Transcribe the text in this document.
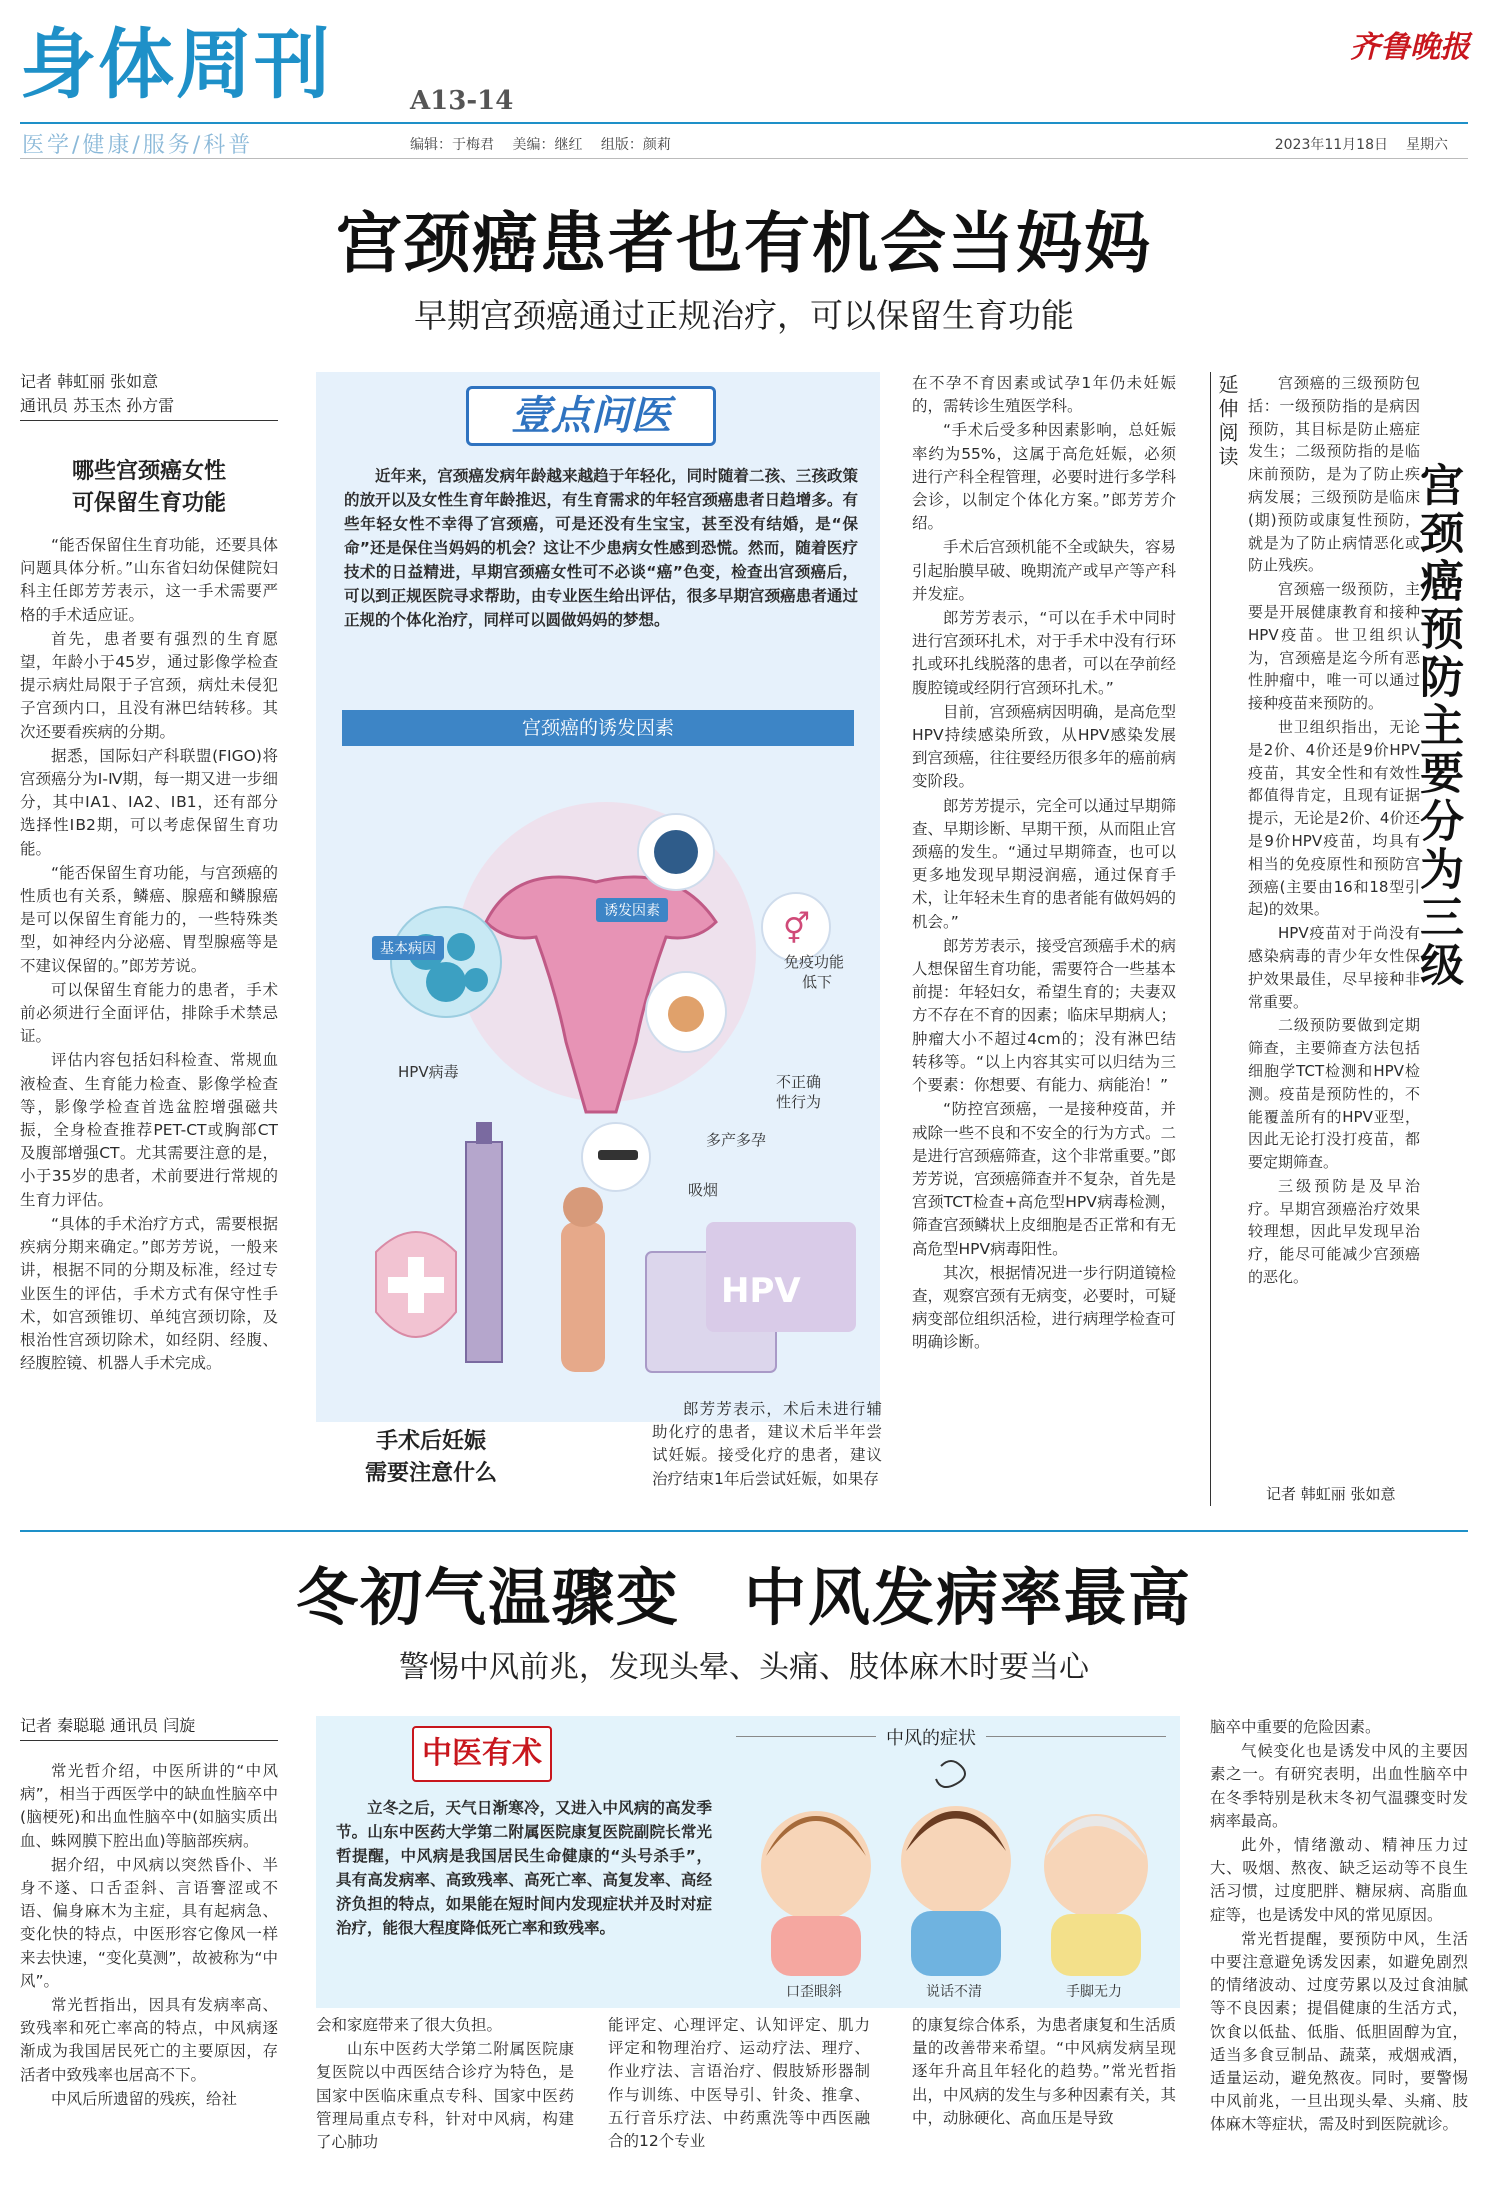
身体周刊	A13-14
医学/健康/服务/科普	编辑：于梅君 美编：继红 组版：颜莉
齐鲁晚报
2023年11月18日 星期六
宫颈癌患者也有机会当妈妈
早期宫颈癌通过正规治疗，可以保留生育功能
记者 韩虹丽 张如意
通讯员 苏玉杰 孙方雷
哪些宫颈癌女性
可保留生育功能

“能否保留住生育功能，还要具体问题具体分析。”山东省妇幼保健院妇科主任郎芳芳表示，这一手术需要严格的手术适应证。

首先，患者要有强烈的生育愿望，年龄小于45岁，通过影像学检查提示病灶局限于子宫颈，病灶未侵犯子宫颈内口，且没有淋巴结转移。其次还要看疾病的分期。

据悉，国际妇产科联盟(FIGO)将宫颈癌分为Ⅰ-Ⅳ期，每一期又进一步细分，其中ⅠA1、ⅠA2、ⅠB1，还有部分选择性ⅠB2期，可以考虑保留生育功能。

“能否保留生育功能，与宫颈癌的性质也有关系，鳞癌、腺癌和鳞腺癌是可以保留生育能力的，一些特殊类型，如神经内分泌癌、胃型腺癌等是不建议保留的。”郎芳芳说。

可以保留生育能力的患者，手术前必须进行全面评估，排除手术禁忌证。

评估内容包括妇科检查、常规血液检查、生育能力检查、影像学检查等，影像学检查首选盆腔增强磁共振，全身检查推荐PET-CT或胸部CT及腹部增强CT。尤其需要注意的是，小于35岁的患者，术前要进行常规的生育力评估。

“具体的手术治疗方式，需要根据疾病分期来确定。”郎芳芳说，一般来讲，根据不同的分期及标准，经过专业医生的评估，手术方式有保守性手术，如宫颈锥切、单纯宫颈切除，及根治性宫颈切除术，如经阴、经腹、经腹腔镜、机器人手术完成。

壹点问医
近年来，宫颈癌发病年龄越来越趋于年轻化，同时随着二孩、三孩政策的放开以及女性生育年龄推迟，有生育需求的年轻宫颈癌患者日趋增多。有些年轻女性不幸得了宫颈癌，可是还没有生宝宝，甚至没有结婚，是“保命”还是保住当妈妈的机会？这让不少患病女性感到恐慌。然而，随着医疗技术的日益精进，早期宫颈癌女性可不必谈“癌”色变，检查出宫颈癌后，可以到正规医院寻求帮助，由专业医生给出评估，很多早期宫颈癌患者通过正规的个体化治疗，同样可以圆做妈妈的梦想。
宫颈癌的诱发因素
⚥
HPV
基本病因
诱发因素
HPV病毒
免疫功能
低下
不正确
性行为
多产多孕
吸烟
手术后妊娠
需要注意什么

郎芳芳表示，术后未进行辅助化疗的患者，建议术后半年尝试妊娠。接受化疗的患者，建议治疗结束1年后尝试妊娠，如果存

在不孕不育因素或试孕1年仍未妊娠的，需转诊生殖医学科。

“手术后受多种因素影响，总妊娠率约为55%，这属于高危妊娠，必须进行产科全程管理，必要时进行多学科会诊，以制定个体化方案。”郎芳芳介绍。

手术后宫颈机能不全或缺失，容易引起胎膜早破、晚期流产或早产等产科并发症。

郎芳芳表示，“可以在手术中同时进行宫颈环扎术，对于手术中没有行环扎或环扎线脱落的患者，可以在孕前经腹腔镜或经阴行宫颈环扎术。”

目前，宫颈癌病因明确，是高危型HPV持续感染所致，从HPV感染发展到宫颈癌，往往要经历很多年的癌前病变阶段。

郎芳芳提示，完全可以通过早期筛查、早期诊断、早期干预，从而阻止宫颈癌的发生。“通过早期筛查，也可以更多地发现早期浸润癌，通过保育手术，让年轻未生育的患者能有做妈妈的机会。”

郎芳芳表示，接受宫颈癌手术的病人想保留生育功能，需要符合一些基本前提：年轻妇女，希望生育的；夫妻双方不存在不育的因素；临床早期病人；肿瘤大小不超过4cm的；没有淋巴结转移等。“以上内容其实可以归结为三个要素：你想要、有能力、病能治！”

“防控宫颈癌，一是接种疫苗，并戒除一些不良和不安全的行为方式。二是进行宫颈癌筛查，这个非常重要。”郎芳芳说，宫颈癌筛查并不复杂，首先是宫颈TCT检查+高危型HPV病毒检测，筛查宫颈鳞状上皮细胞是否正常和有无高危型HPV病毒阳性。

其次，根据情况进一步行阴道镜检查，观察宫颈有无病变，必要时，可疑病变部位组织活检，进行病理学检查可明确诊断。

延伸阅读	宫颈癌的三级预防包括：一级预防指的是病因预防，其目标是防止癌症发生；二级预防指的是临床前预防，是为了防止疾病发展；三级预防是临床(期)预防或康复性预防，就是为了防止病情恶化或防止残疾。

宫颈癌一级预防，主要是开展健康教育和接种HPV疫苗。世卫组织认为，宫颈癌是迄今所有恶性肿瘤中，唯一可以通过接种疫苗来预防的。

世卫组织指出，无论是2价、4价还是9价HPV疫苗，其安全性和有效性都值得肯定，且现有证据提示，无论是2价、4价还是9价HPV疫苗，均具有相当的免疫原性和预防宫颈癌(主要由16和18型引起)的效果。

HPV疫苗对于尚没有感染病毒的青少年女性保护效果最佳，尽早接种非常重要。

二级预防要做到定期筛查，主要筛查方法包括细胞学TCT检测和HPV检测。疫苗是预防性的，不能覆盖所有的HPV亚型，因此无论打没打疫苗，都要定期筛查。

三级预防是及早治疗。早期宫颈癌治疗效果较理想，因此早发现早治疗，能尽可能减少宫颈癌的恶化。

宫颈癌预防主要分为三级
记者 韩虹丽 张如意
冬初气温骤变　中风发病率最高
警惕中风前兆，发现头晕、头痛、肢体麻木时要当心
记者 秦聪聪 通讯员 闫旋

常光哲介绍，中医所讲的“中风病”，相当于西医学中的缺血性脑卒中(脑梗死)和出血性脑卒中(如脑实质出血、蛛网膜下腔出血)等脑部疾病。

据介绍，中风病以突然昏仆、半身不遂、口舌歪斜、言语謇涩或不语、偏身麻木为主症，具有起病急、变化快的特点，中医形容它像风一样来去快速，“变化莫测”，故被称为“中风”。

常光哲指出，因具有发病率高、致残率和死亡率高的特点，中风病逐渐成为我国居民死亡的主要原因，存活者中致残率也居高不下。

中风后所遗留的残疾，给社

中医有术
立冬之后，天气日渐寒冷，又进入中风病的高发季节。山东中医药大学第二附属医院康复医院副院长常光哲提醒，中风病是我国居民生命健康的“头号杀手”，具有高发病率、高致残率、高死亡率、高复发率、高经济负担的特点，如果能在短时间内发现症状并及时对症治疗，能很大程度降低死亡率和致残率。
中风的症状
口歪眼斜	说话不清	手脚无力

会和家庭带来了很大负担。

山东中医药大学第二附属医院康复医院以中西医结合诊疗为特色，是国家中医临床重点专科、国家中医药管理局重点专科，针对中风病，构建了心肺功

能评定、心理评定、认知评定、肌力评定和物理治疗、运动疗法、理疗、作业疗法、言语治疗、假肢矫形器制作与训练、中医导引、针灸、推拿、五行音乐疗法、中药熏洗等中西医融合的12个专业

的康复综合体系，为患者康复和生活质量的改善带来希望。“中风病发病呈现逐年升高且年轻化的趋势。”常光哲指出，中风病的发生与多种因素有关，其中，动脉硬化、高血压是导致

脑卒中重要的危险因素。

气候变化也是诱发中风的主要因素之一。有研究表明，出血性脑卒中在冬季特别是秋末冬初气温骤变时发病率最高。

此外，情绪激动、精神压力过大、吸烟、熬夜、缺乏运动等不良生活习惯，过度肥胖、糖尿病、高脂血症等，也是诱发中风的常见原因。

常光哲提醒，要预防中风，生活中要注意避免诱发因素，如避免剧烈的情绪波动、过度劳累以及过食油腻等不良因素；提倡健康的生活方式，饮食以低盐、低脂、低胆固醇为宜，适当多食豆制品、蔬菜，戒烟戒酒，适量运动，避免熬夜。同时，要警惕中风前兆，一旦出现头晕、头痛、肢体麻木等症状，需及时到医院就诊。
